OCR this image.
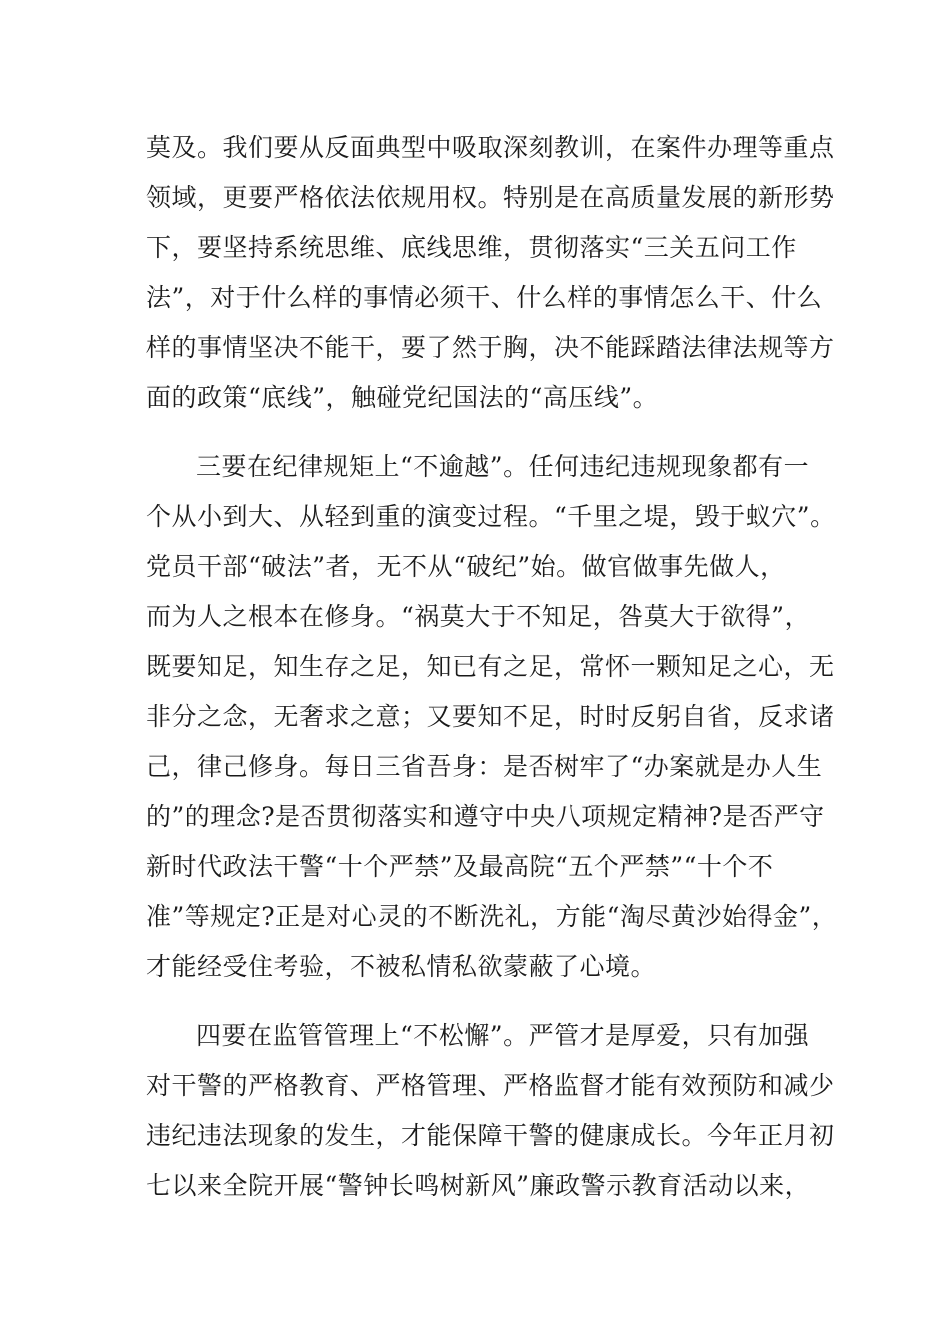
莫及。我们要从反面典型中吸取深刻教训，在案件办理等重点
领域，更要严格依法依规用权。特别是在高质量发展的新形势
下，要坚持系统思维、底线思维，贯彻落实“三关五问工作
法”，对于什么样的事情必须干、什么样的事情怎么干、什么
样的事情坚决不能干，要了然于胸，决不能踩踏法律法规等方
面的政策“底线”，触碰党纪国法的“高压线”。
三要在纪律规矩上“不逾越”。任何违纪违规现象都有一
个从小到大、从轻到重的演变过程。“千里之堤，毁于蚁穴”。
党员干部“破法”者，无不从“破纪”始。做官做事先做人，
而为人之根本在修身。“祸莫大于不知足，咎莫大于欲得”，
既要知足，知生存之足，知已有之足，常怀一颗知足之心，无
非分之念，无奢求之意；又要知不足，时时反躬自省，反求诸
己，律己修身。每日三省吾身：是否树牢了“办案就是办人生
的”的理念?是否贯彻落实和遵守中央八项规定精神?是否严守
新时代政法干警“十个严禁”及最高院“五个严禁”“十个不
准”等规定?正是对心灵的不断洗礼，方能“淘尽黄沙始得金”，
才能经受住考验，不被私情私欲蒙蔽了心境。
四要在监管管理上“不松懈”。严管才是厚爱，只有加强
对干警的严格教育、严格管理、严格监督才能有效预防和减少
违纪违法现象的发生，才能保障干警的健康成长。今年正月初
七以来全院开展“警钟长鸣树新风”廉政警示教育活动以来，
